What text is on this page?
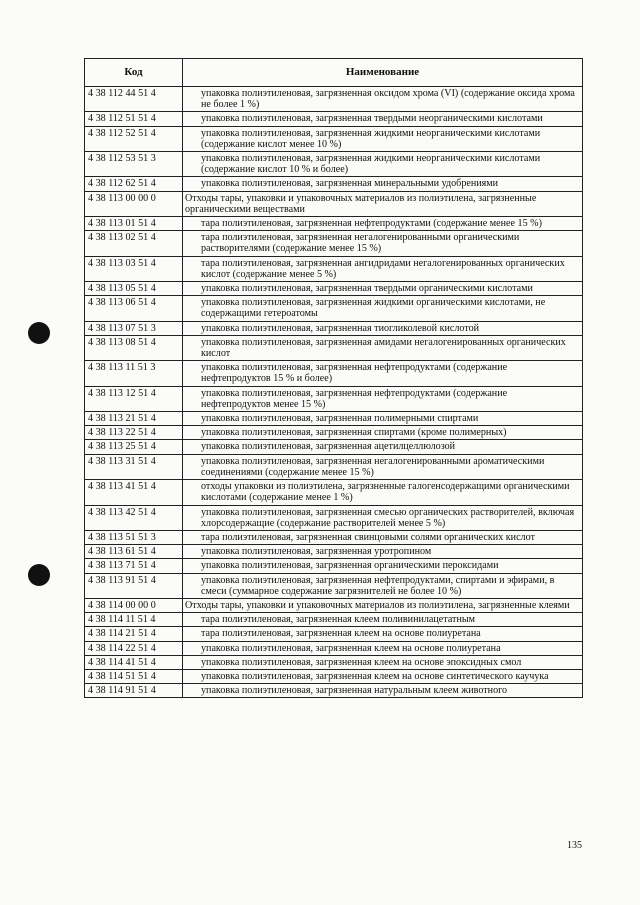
Код	Наименование
4 38 112 44 51 4	упаковка полиэтиленовая, загрязненная оксидом хрома (VI) (содержание оксида хрома не более 1 %)
4 38 112 51 51 4	упаковка полиэтиленовая, загрязненная твердыми неорганическими кислотами
4 38 112 52 51 4	упаковка полиэтиленовая, загрязненная жидкими неорганическими кислотами (содержание кислот менее 10 %)
4 38 112 53 51 3	упаковка полиэтиленовая, загрязненная жидкими неорганическими кислотами (содержание кислот 10 % и более)
4 38 112 62 51 4	упаковка полиэтиленовая, загрязненная минеральными удобрениями
4 38 113 00 00 0	Отходы тары, упаковки и упаковочных материалов из полиэтилена, загрязненные органическими веществами
4 38 113 01 51 4	тара полиэтиленовая, загрязненная нефтепродуктами (содержание менее 15 %)
4 38 113 02 51 4	тара полиэтиленовая, загрязненная негалогенированными органическими растворителями (содержание менее 15 %)
4 38 113 03 51 4	тара полиэтиленовая, загрязненная ангидридами негалогенированных органических кислот (содержание менее 5 %)
4 38 113 05 51 4	упаковка полиэтиленовая, загрязненная твердыми органическими кислотами
4 38 113 06 51 4	упаковка полиэтиленовая, загрязненная жидкими органическими кислотами, не содержащими гетероатомы
4 38 113 07 51 3	упаковка полиэтиленовая, загрязненная тиогликолевой кислотой
4 38 113 08 51 4	упаковка полиэтиленовая, загрязненная амидами негалогенированных органических кислот
4 38 113 11 51 3	упаковка полиэтиленовая, загрязненная нефтепродуктами (содержание нефтепродуктов 15 % и более)
4 38 113 12 51 4	упаковка полиэтиленовая, загрязненная нефтепродуктами (содержание нефтепродуктов менее 15 %)
4 38 113 21 51 4	упаковка полиэтиленовая, загрязненная полимерными спиртами
4 38 113 22 51 4	упаковка полиэтиленовая, загрязненная спиртами (кроме полимерных)
4 38 113 25 51 4	упаковка полиэтиленовая, загрязненная ацетилцеллюлозой
4 38 113 31 51 4	упаковка полиэтиленовая, загрязненная негалогенированными ароматическими соединениями (содержание менее 15 %)
4 38 113 41 51 4	отходы упаковки из полиэтилена, загрязненные галогенсодержащими органическими кислотами (содержание менее 1 %)
4 38 113 42 51 4	упаковка полиэтиленовая, загрязненная смесью органических растворителей, включая хлорсодержащие (содержание растворителей менее 5 %)
4 38 113 51 51 3	тара полиэтиленовая, загрязненная свинцовыми солями органических кислот
4 38 113 61 51 4	упаковка полиэтиленовая, загрязненная уротропином
4 38 113 71 51 4	упаковка полиэтиленовая, загрязненная органическими пероксидами
4 38 113 91 51 4	упаковка полиэтиленовая, загрязненная нефтепродуктами, спиртами и эфирами, в смеси (суммарное содержание загрязнителей не более 10 %)
4 38 114 00 00 0	Отходы тары, упаковки и упаковочных материалов из полиэтилена, загрязненные клеями
4 38 114 11 51 4	тара полиэтиленовая, загрязненная клеем поливинилацетатным
4 38 114 21 51 4	тара полиэтиленовая, загрязненная клеем на основе полиуретана
4 38 114 22 51 4	упаковка полиэтиленовая, загрязненная клеем на основе полиуретана
4 38 114 41 51 4	упаковка полиэтиленовая, загрязненная клеем на основе эпоксидных смол
4 38 114 51 51 4	упаковка полиэтиленовая, загрязненная клеем на основе синтетического каучука
4 38 114 91 51 4	упаковка полиэтиленовая, загрязненная натуральным клеем животного
135
